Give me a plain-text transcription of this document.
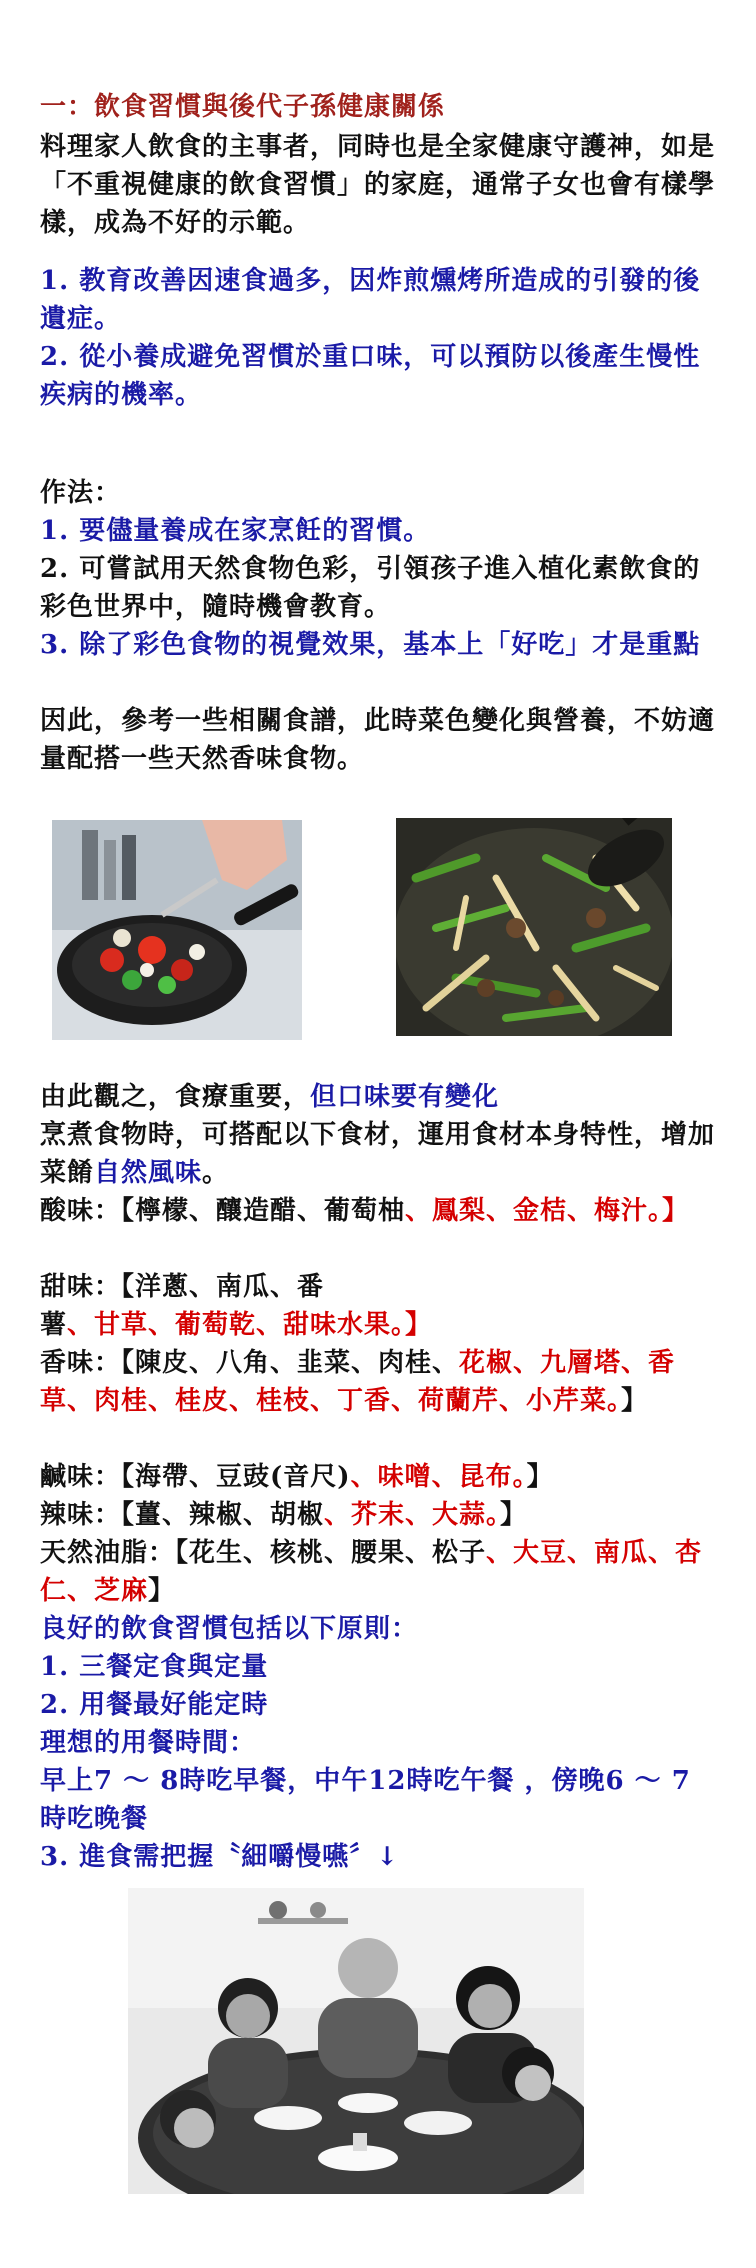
一：飲食習慣與後代子孫健康關係

料理家人飲食的主事者，同時也是全家健康守護神，如是「不重視健康的飲食習慣」的家庭，通常子女也會有樣學樣，成為不好的示範。

1. 教育改善因速食過多，因炸煎燻烤所造成的引發的後遺症。

2. 從小養成避免習慣於重口味，可以預防以後產生慢性疾病的機率。

作法：

1. 要儘量養成在家烹飪的習慣。

2. 可嘗試用天然食物色彩，引領孩子進入植化素飲食的彩色世界中，隨時機會教育。

3. 除了彩色食物的視覺效果，基本上「好吃」才是重點

因此，參考一些相關食譜，此時菜色變化與營養，不妨適量配搭一些天然香味食物。

由此觀之，食療重要，但口味要有變化

烹煮食物時，可搭配以下食材，運用食材本身特性，增加菜餚自然風味。

酸味：【檸檬、釀造醋、葡萄柚、鳳梨、金桔、梅汁。】

甜味：【洋蔥、南瓜、番薯、甘草、葡萄乾、甜味水果。】

香味：【陳皮、八角、韭菜、肉桂、花椒、九層塔、香草、肉桂、桂皮、桂枝、丁香、荷蘭芹、小芹菜。】

鹹味：【海帶、豆豉(音尺)、味噌、昆布。】

辣味：【薑、辣椒、胡椒、芥末、大蒜。】

天然油脂：【花生、核桃、腰果、松子、大豆、南瓜、杏仁、芝麻】

良好的飲食習慣包括以下原則：

1. 三餐定食與定量

2. 用餐最好能定時

理想的用餐時間：

早上7 ～ 8時吃早餐，中午12時吃午餐 ，傍晚6 ～ 7時吃晚餐

3. 進食需把握〝細嚼慢嚥〞↓
